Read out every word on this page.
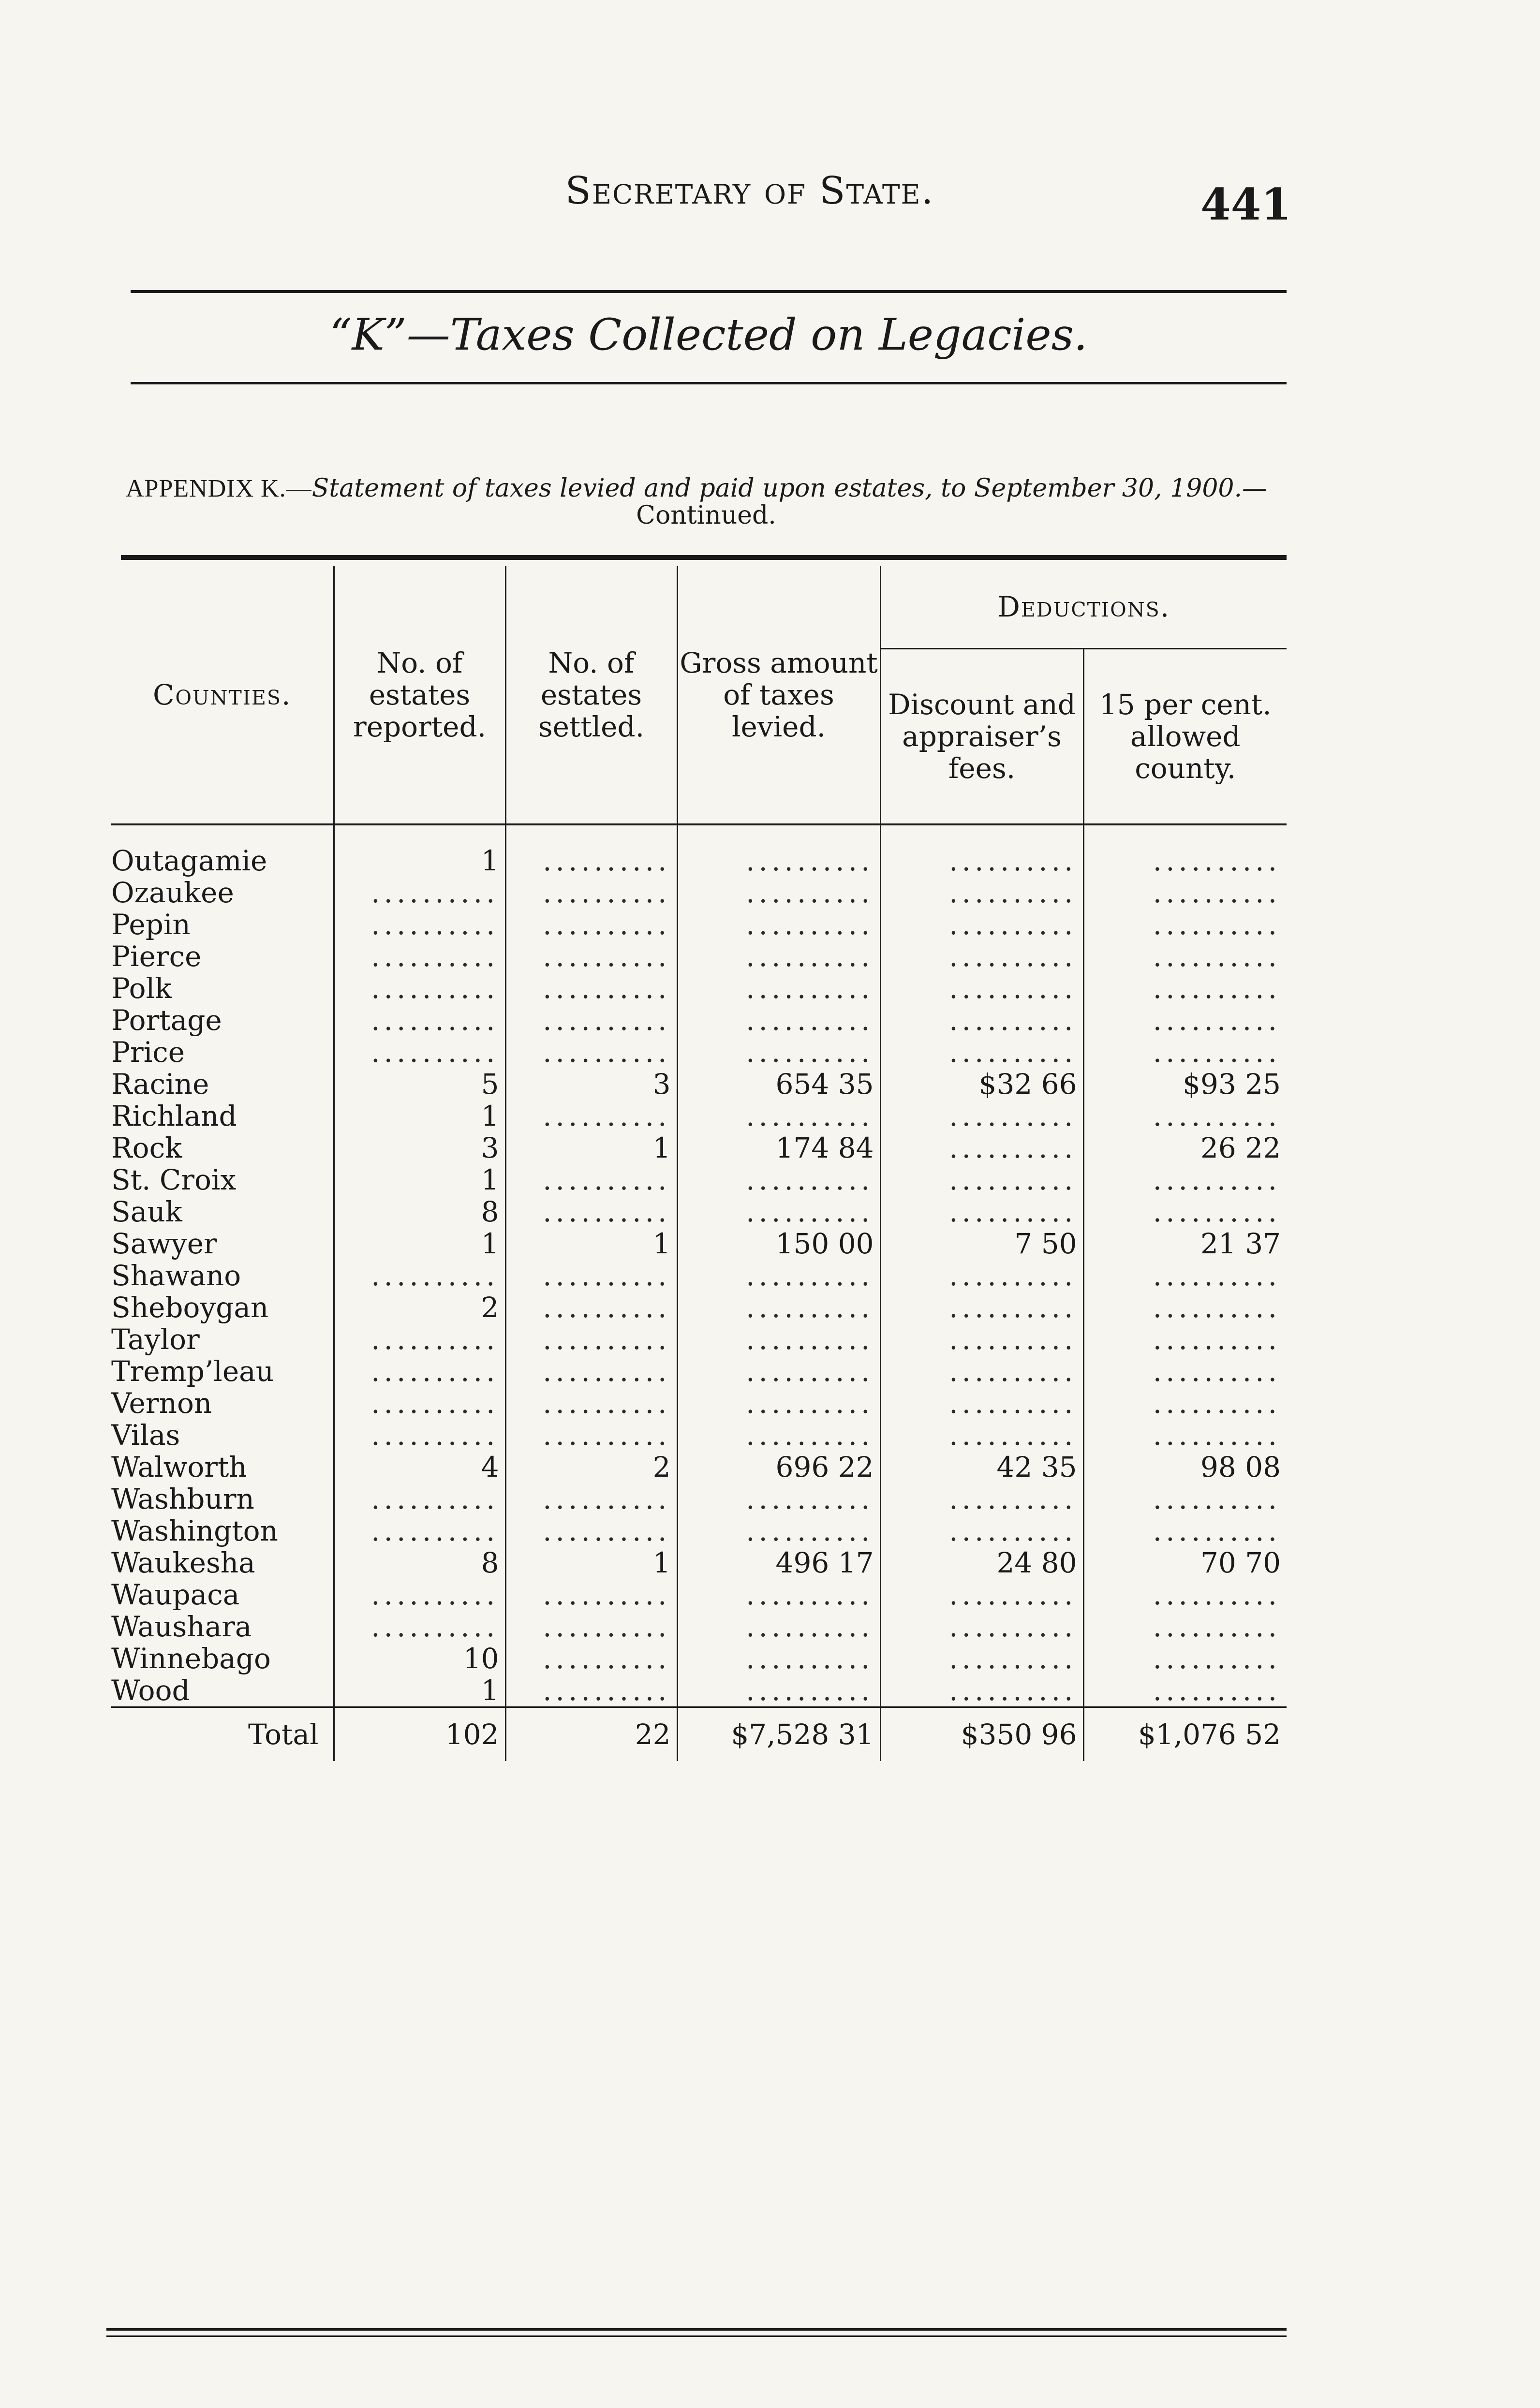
Secretary of State.	441
“K”—Taxes Collected on Legacies.
APPENDIX K.—Statement of taxes levied and paid upon estates, to September 30, 1900.—
Continued.
Counties.	No. of estates reported.	No. of estates settled.	Gross amount of taxes levied.	Deductions.	
				Discount and appraiser’s fees.	15 per cent. allowed county.
Outagamie	1	..........	..........	..........	..........
Ozaukee	..........	..........	..........	..........	..........
Pepin	..........	..........	..........	..........	..........
Pierce	..........	..........	..........	..........	..........
Polk	..........	..........	..........	..........	..........
Portage	..........	..........	..........	..........	..........
Price	..........	..........	..........	..........	..........
Racine	5	3	654 35	$32 66	$93 25
Richland	1	..........	..........	..........	..........
Rock	3	1	174 84	..........	26 22
St. Croix	1	..........	..........	..........	..........
Sauk	8	..........	..........	..........	..........
Sawyer	1	1	150 00	7 50	21 37
Shawano	..........	..........	..........	..........	..........
Sheboygan	2	..........	..........	..........	..........
Taylor	..........	..........	..........	..........	..........
Tremp’leau	..........	..........	..........	..........	..........
Vernon	..........	..........	..........	..........	..........
Vilas	..........	..........	..........	..........	..........
Walworth	4	2	696 22	42 35	98 08
Washburn	..........	..........	..........	..........	..........
Washington	..........	..........	..........	..........	..........
Waukesha	8	1	496 17	24 80	70 70
Waupaca	..........	..........	..........	..........	..........
Waushara	..........	..........	..........	..........	..........
Winnebago	10	..........	..........	..........	..........
Wood	1	..........	..........	..........	..........
Total	102	22	$7,528 31	$350 96	$1,076 52
